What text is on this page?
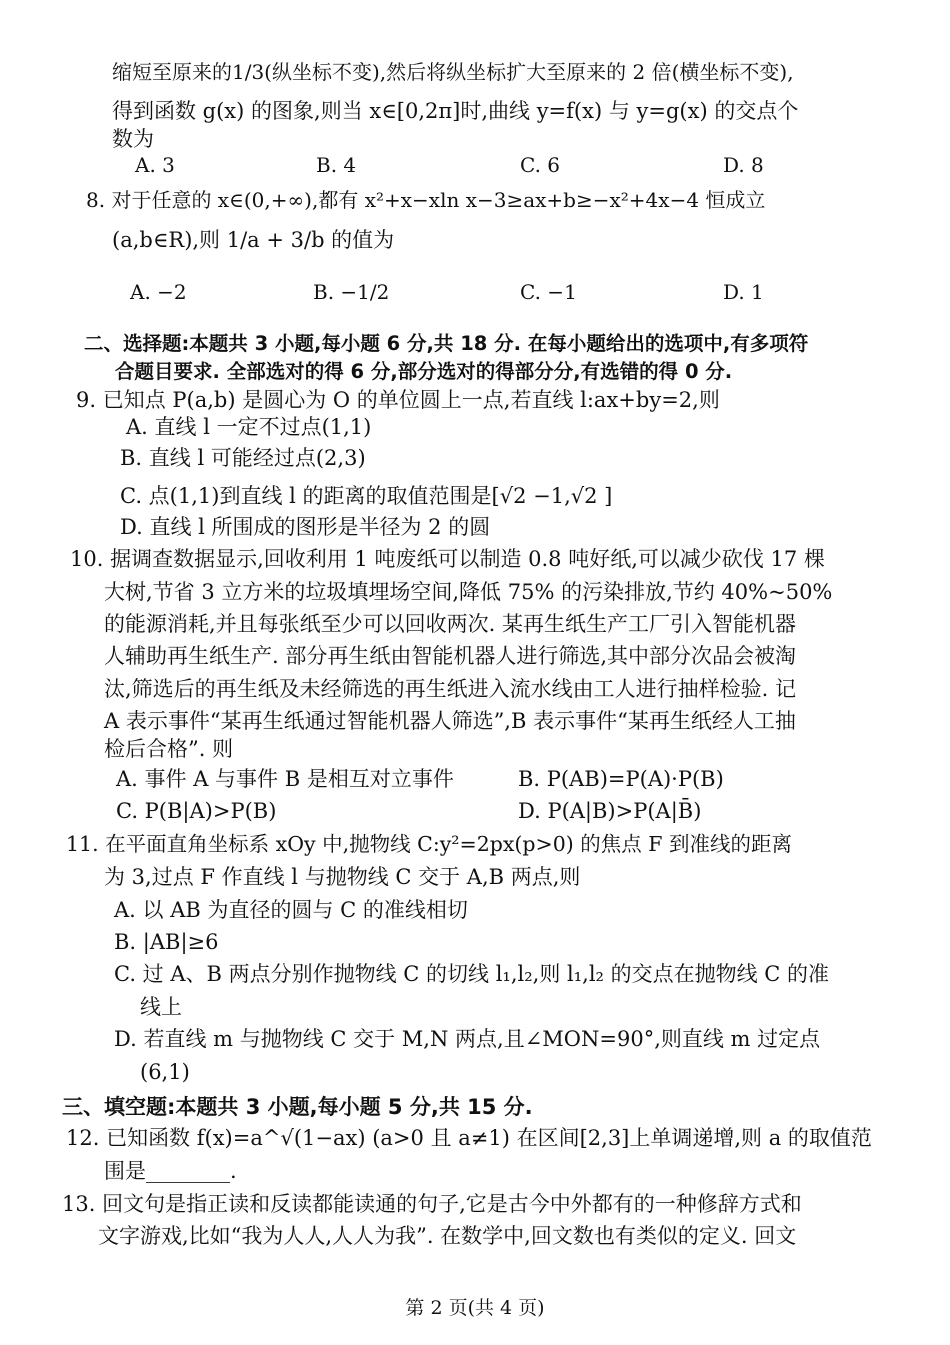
缩短至原来的1/3(纵坐标不变),然后将纵坐标扩大至原来的 2 倍(横坐标不变),
得到函数 g(x) 的图象,则当 x∈[0,2π]时,曲线 y=f(x) 与 y=g(x) 的交点个
数为
A. 3	B. 4	C. 6	D. 8
8. 对于任意的 x∈(0,+∞),都有 x²+x−xln x−3≥ax+b≥−x²+4x−4 恒成立
(a,b∈R),则 1/a + 3/b 的值为
A. −2	B. −1/2	C. −1	D. 1
二、选择题:本题共 3 小题,每小题 6 分,共 18 分. 在每小题给出的选项中,有多项符
合题目要求. 全部选对的得 6 分,部分选对的得部分分,有选错的得 0 分.
9. 已知点 P(a,b) 是圆心为 O 的单位圆上一点,若直线 l:ax+by=2,则
A. 直线 l 一定不过点(1,1)
B. 直线 l 可能经过点(2,3)
C. 点(1,1)到直线 l 的距离的取值范围是[√2 −1,√2 ]
D. 直线 l 所围成的图形是半径为 2 的圆
10. 据调查数据显示,回收利用 1 吨废纸可以制造 0.8 吨好纸,可以减少砍伐 17 棵
大树,节省 3 立方米的垃圾填埋场空间,降低 75% 的污染排放,节约 40%~50%
的能源消耗,并且每张纸至少可以回收两次. 某再生纸生产工厂引入智能机器
人辅助再生纸生产. 部分再生纸由智能机器人进行筛选,其中部分次品会被淘
汰,筛选后的再生纸及未经筛选的再生纸进入流水线由工人进行抽样检验. 记
A 表示事件“某再生纸通过智能机器人筛选”,B 表示事件“某再生纸经人工抽
检后合格”. 则
A. 事件 A 与事件 B 是相互对立事件	B. P(AB)=P(A)·P(B)
C. P(B|A)>P(B)	D. P(A|B)>P(A|B̄)
11. 在平面直角坐标系 xOy 中,抛物线 C:y²=2px(p>0) 的焦点 F 到准线的距离
为 3,过点 F 作直线 l 与抛物线 C 交于 A,B 两点,则
A. 以 AB 为直径的圆与 C 的准线相切
B. |AB|≥6
C. 过 A、B 两点分别作抛物线 C 的切线 l₁,l₂,则 l₁,l₂ 的交点在抛物线 C 的准
线上
D. 若直线 m 与抛物线 C 交于 M,N 两点,且∠MON=90°,则直线 m 过定点
(6,1)
三、填空题:本题共 3 小题,每小题 5 分,共 15 分.
12. 已知函数 f(x)=a^√(1−ax) (a>0 且 a≠1) 在区间[2,3]上单调递增,则 a 的取值范
围是________.
13. 回文句是指正读和反读都能读通的句子,它是古今中外都有的一种修辞方式和
文字游戏,比如“我为人人,人人为我”. 在数学中,回文数也有类似的定义. 回文
第 2 页(共 4 页)
